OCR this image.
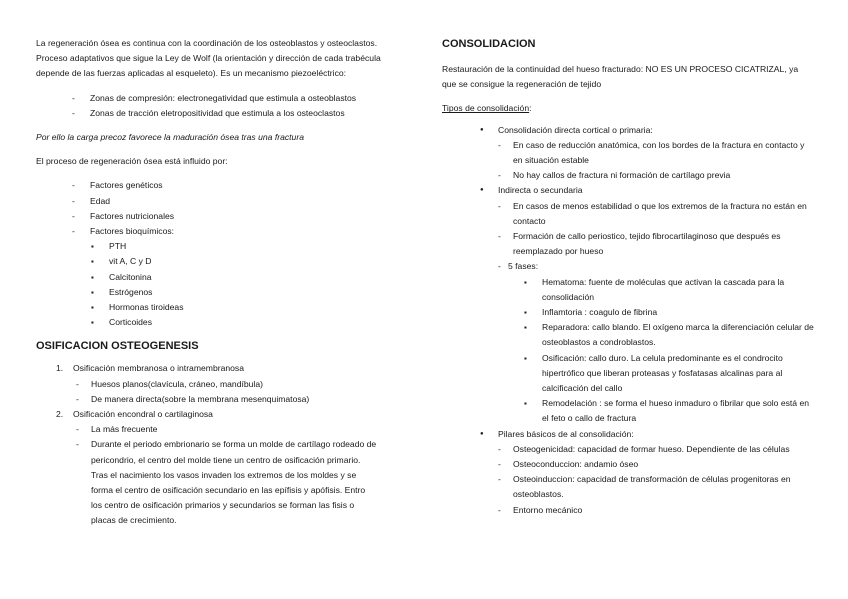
La regeneración ósea es continua con la coordinación de los osteoblastos y osteoclastos. Proceso adaptativos que sigue la Ley de Wolf (la orientación y dirección de cada trabécula depende de las fuerzas aplicadas al esqueleto). Es un mecanismo piezoeléctrico:

- Zonas de compresión: electronegatividad que estimula a osteoblastos
- Zonas de tracción eletropositividad que estimula a los osteoclastos

Por ello la carga precoz favorece la maduración ósea tras una fractura

El proceso de regeneración ósea está influido por:

- Factores genéticos
- Edad
- Factores nutricionales
- Factores bioquímicos:
▪ PTH
▪ vit A, C y D
▪ Calcitonina
▪ Estrógenos
▪ Hormonas tiroideas
▪ Corticoides
OSIFICACION OSTEOGENESIS
1. Osificación membranosa o intramembranosa
- Huesos planos(clavícula, cráneo, mandíbula)
- De manera directa(sobre la membrana mesenquimatosa)
2. Osificación encondral o cartilaginosa
- La más frecuente
- Durante el periodo embrionario se forma un molde de cartílago rodeado de pericondrio, el centro del molde tiene un centro de osificación primario. Tras el nacimiento los vasos invaden los extremos de los moldes y se forma el centro de osificación secundario en las epífisis y apófisis. Entro los centro de osificación primarios y secundarios se forman las fisis o placas de crecimiento.
CONSOLIDACION

Restauración de la continuidad del hueso fracturado: NO ES UN PROCESO CICATRIZAL, ya que se consigue la regeneración de tejido

Tipos de consolidación:

● Consolidación directa cortical o primaria:
- En caso de reducción anatómica, con los bordes de la fractura en contacto y en situación estable
- No hay callos de fractura ni formación de cartílago previa
● Indirecta o secundaria
- En casos de menos estabilidad o que los extremos de la fractura no están en contacto
- Formación de callo periostico, tejido fibrocartilaginoso que después es reemplazado por hueso
- 5 fases:
▪ Hematoma: fuente de moléculas que activan la cascada para la consolidación
▪ Inflamtoria : coagulo de fibrina
▪ Reparadora: callo blando. El oxígeno marca la diferenciación celular de osteoblastos a condroblastos.
▪ Osificación: callo duro. La celula predominante es el condrocito hipertrófico que liberan proteasas y fosfatasas alcalinas para al calcificación del callo
▪ Remodelación : se forma el hueso inmaduro o fibrilar que solo está en el feto o callo de fractura
● Pilares básicos de al consolidación:
- Osteogenicidad: capacidad de formar hueso. Dependiente de las células
- Osteoconduccion: andamio óseo
- Osteoinduccion: capacidad de transformación de células progenitoras en osteoblastos.
- Entorno mecánico
